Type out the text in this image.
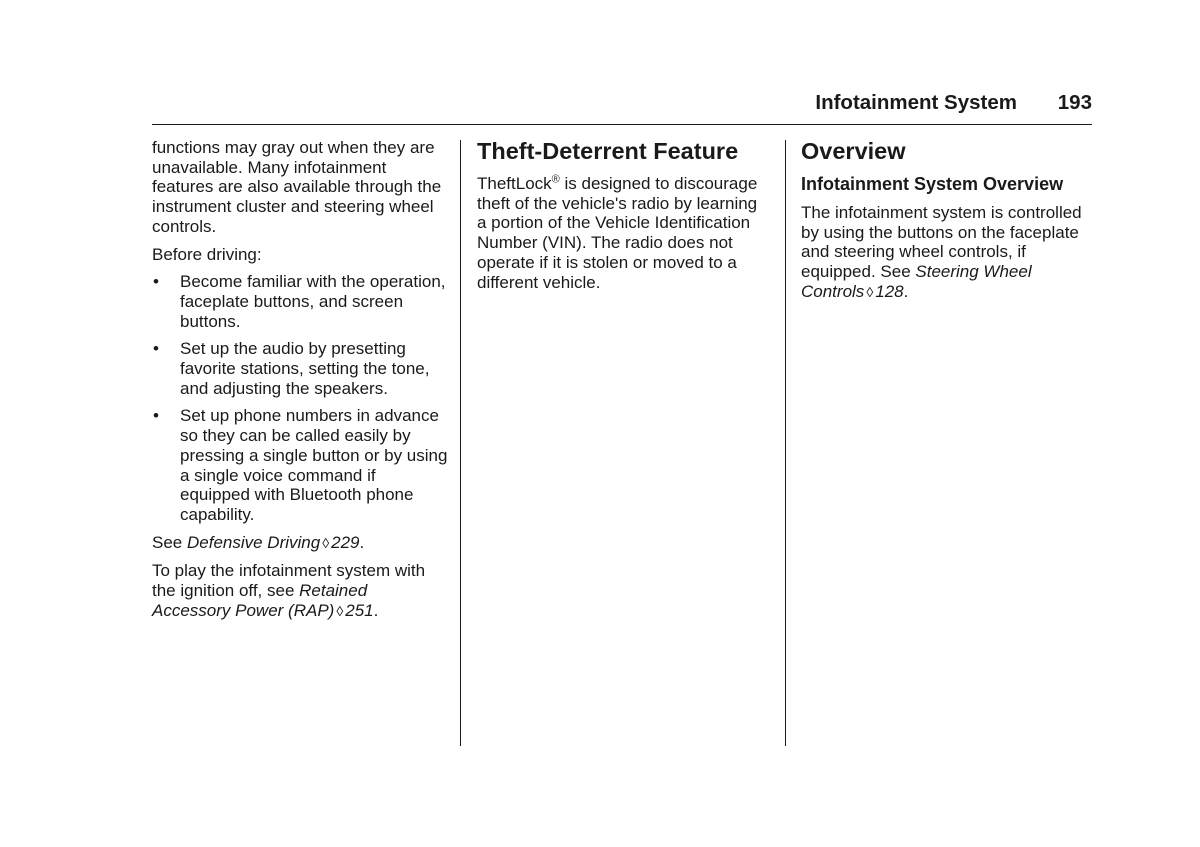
Infotainment System 193

functions may gray out when they are unavailable. Many infotainment features are also available through the instrument cluster and steering wheel controls.

Before driving:

• Become familiar with the operation, faceplate buttons, and screen buttons.
• Set up the audio by presetting favorite stations, setting the tone, and adjusting the speakers.
• Set up phone numbers in advance so they can be called easily by pressing a single button or by using a single voice command if equipped with Bluetooth phone capability.

See Defensive Driving ◊ 229.

To play the infotainment system with the ignition off, see Retained Accessory Power (RAP) ◊ 251.

Theft-Deterrent Feature

TheftLock® is designed to discourage theft of the vehicle's radio by learning a portion of the Vehicle Identification Number (VIN). The radio does not operate if it is stolen or moved to a different vehicle.

Overview
Infotainment System Overview

The infotainment system is controlled by using the buttons on the faceplate and steering wheel controls, if equipped. See Steering Wheel Controls ◊ 128.
